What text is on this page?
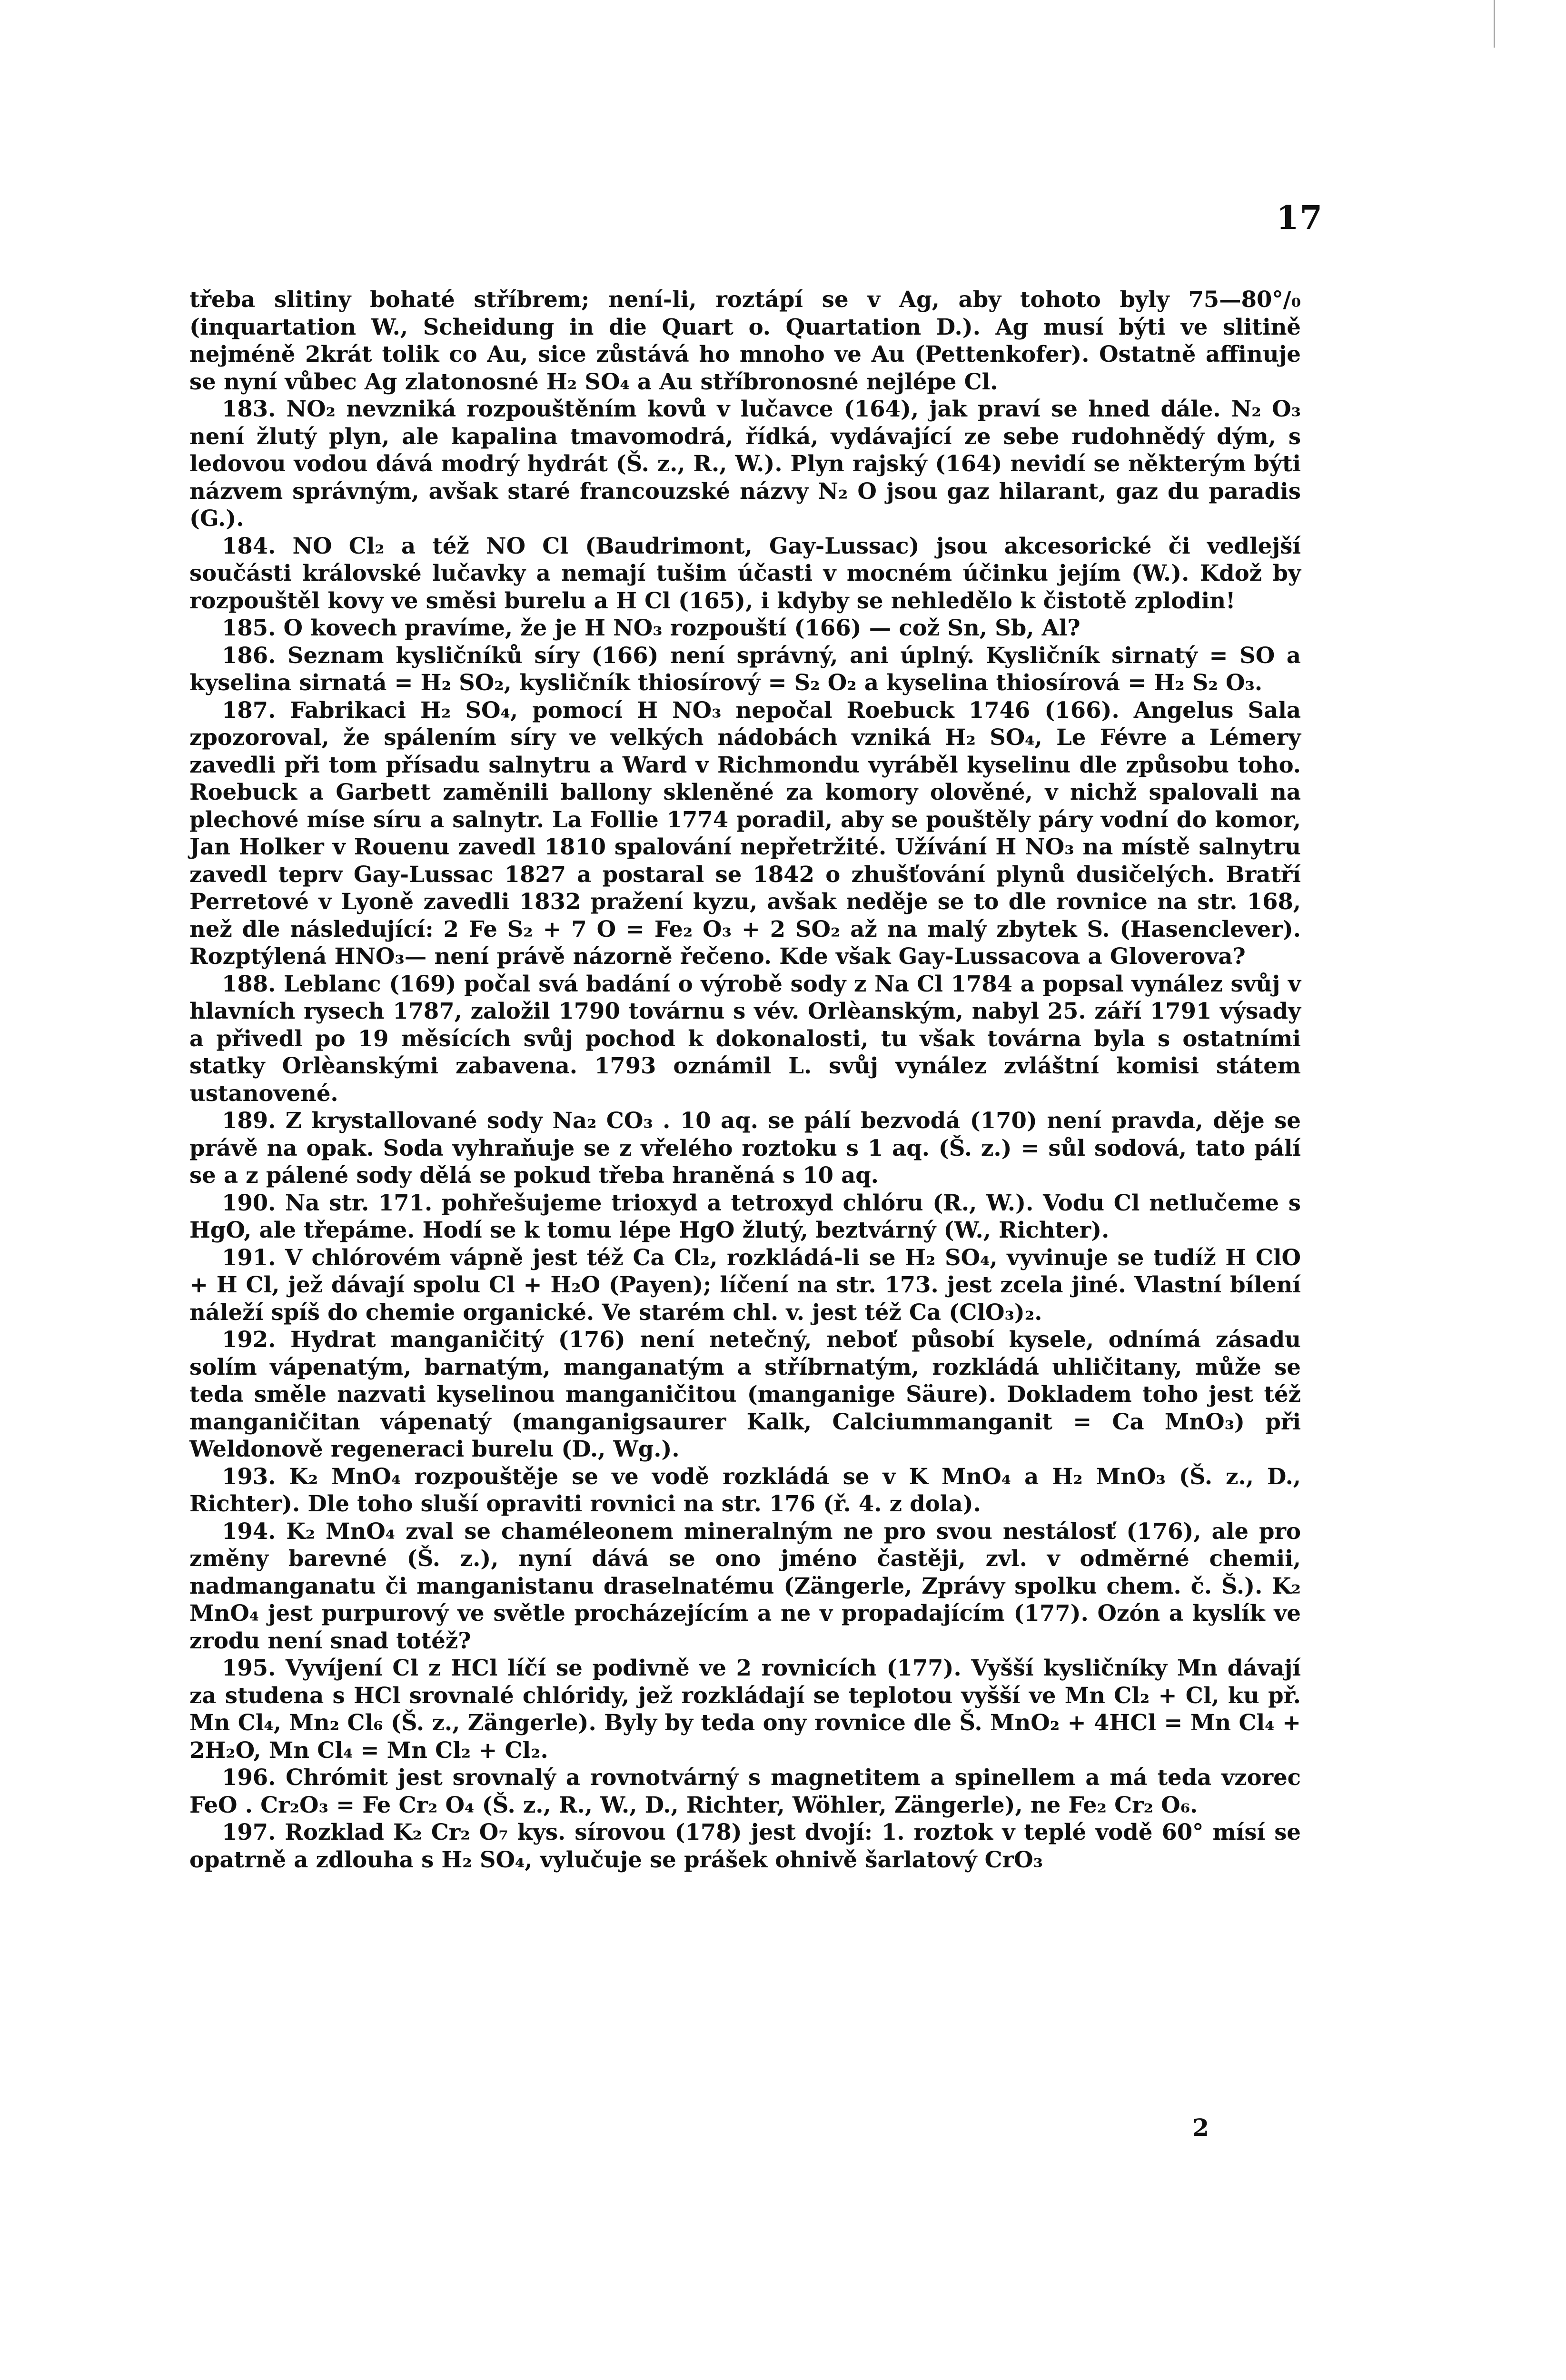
17

třeba slitiny bohaté stříbrem; není-li, roztápí se v Ag, aby tohoto byly 75—80°/₀ (inquartation W., Scheidung in die Quart o. Quartation D.). Ag musí býti ve slitině nejméně 2krát tolik co Au, sice zůstává ho mnoho ve Au (Pettenkofer). Ostatně affinuje se nyní vůbec Ag zlatonosné H₂ SO₄ a Au stříbronosné nejlépe Cl.

183. NO₂ nevzniká rozpouštěním kovů v lučavce (164), jak praví se hned dále. N₂ O₃ není žlutý plyn, ale kapalina tmavomodrá, řídká, vydávající ze sebe rudohnědý dým, s ledovou vodou dává modrý hydrát (Š. z., R., W.). Plyn rajský (164) nevidí se některým býti názvem správným, avšak staré francouzské názvy N₂ O jsou gaz hilarant, gaz du paradis (G.).

184. NO Cl₂ a též NO Cl (Baudrimont, Gay-Lussac) jsou akcesorické či vedlejší součásti královské lučavky a nemají tušim účasti v mocném účinku jejím (W.). Kdož by rozpouštěl kovy ve směsi burelu a H Cl (165), i kdyby se nehledělo k čistotě zplodin!

185. O kovech pravíme, že je H NO₃ rozpouští (166) — což Sn, Sb, Al?

186. Seznam kysličníků síry (166) není správný, ani úplný. Kysličník sirnatý = SO a kyselina sirnatá = H₂ SO₂, kysličník thiosírový = S₂ O₂ a kyselina thiosírová = H₂ S₂ O₃.

187. Fabrikaci H₂ SO₄, pomocí H NO₃ nepočal Roebuck 1746 (166). Angelus Sala zpozoroval, že spálením síry ve velkých nádobách vzniká H₂ SO₄, Le Févre a Lémery zavedli při tom přísadu salnytru a Ward v Richmondu vyráběl kyselinu dle způsobu toho. Roebuck a Garbett zaměnili ballony skleněné za komory olověné, v nichž spalovali na plechové míse síru a salnytr. La Follie 1774 poradil, aby se pouštěly páry vodní do komor, Jan Holker v Rouenu zavedl 1810 spalování nepřetržité. Užívání H NO₃ na místě salnytru zavedl teprv Gay-Lussac 1827 a postaral se 1842 o zhušťování plynů dusičelých. Bratří Perretové v Lyoně zavedli 1832 pražení kyzu, avšak neděje se to dle rovnice na str. 168, než dle následující: 2 Fe S₂ + 7 O = Fe₂ O₃ + 2 SO₂ až na malý zbytek S. (Hasenclever). Rozptýlená HNO₃— není právě názorně řečeno. Kde však Gay-Lussacova a Gloverova?

188. Leblanc (169) počal svá badání o výrobě sody z Na Cl 1784 a popsal vynález svůj v hlavních rysech 1787, založil 1790 továrnu s vév. Orlèanským, nabyl 25. září 1791 výsady a přivedl po 19 měsících svůj pochod k dokonalosti, tu však továrna byla s ostatními statky Orlèanskými zabavena. 1793 oznámil L. svůj vynález zvláštní komisi státem ustanovené.

189. Z krystallované sody Na₂ CO₃ . 10 aq. se pálí bezvodá (170) není pravda, děje se právě na opak. Soda vyhraňuje se z vřelého roztoku s 1 aq. (Š. z.) = sůl sodová, tato pálí se a z pálené sody dělá se pokud třeba hraněná s 10 aq.

190. Na str. 171. pohřešujeme trioxyd a tetroxyd chlóru (R., W.). Vodu Cl netlučeme s HgO, ale třepáme. Hodí se k tomu lépe HgO žlutý, beztvárný (W., Richter).

191. V chlórovém vápně jest též Ca Cl₂, rozkládá-li se H₂ SO₄, vyvinuje se tudíž H ClO + H Cl, jež dávají spolu Cl + H₂O (Payen); líčení na str. 173. jest zcela jiné. Vlastní bílení náleží spíš do chemie organické. Ve starém chl. v. jest též Ca (ClO₃)₂.

192. Hydrat manganičitý (176) není netečný, neboť působí kysele, odnímá zásadu solím vápenatým, barnatým, manganatým a stříbrnatým, rozkládá uhličitany, může se teda směle nazvati kyselinou manganičitou (manganige Säure). Dokladem toho jest též manganičitan vápenatý (manganigsaurer Kalk, Calciummanganit = Ca MnO₃) při Weldonově regeneraci burelu (D., Wg.).

193. K₂ MnO₄ rozpouštěje se ve vodě rozkládá se v K MnO₄ a H₂ MnO₃ (Š. z., D., Richter). Dle toho sluší opraviti rovnici na str. 176 (ř. 4. z dola).

194. K₂ MnO₄ zval se chaméleonem mineralným ne pro svou nestálosť (176), ale pro změny barevné (Š. z.), nyní dává se ono jméno častěji, zvl. v odměrné chemii, nadmanganatu či manganistanu draselnatému (Zängerle, Zprávy spolku chem. č. Š.). K₂ MnO₄ jest purpurový ve světle procházejícím a ne v propadajícím (177). Ozón a kyslík ve zrodu není snad totéž?

195. Vyvíjení Cl z HCl líčí se podivně ve 2 rovnicích (177). Vyšší kysličníky Mn dávají za studena s HCl srovnalé chlóridy, jež rozkládají se teplotou vyšší ve Mn Cl₂ + Cl, ku př. Mn Cl₄, Mn₂ Cl₆ (Š. z., Zängerle). Byly by teda ony rovnice dle Š. MnO₂ + 4HCl = Mn Cl₄ + 2H₂O, Mn Cl₄ = Mn Cl₂ + Cl₂.

196. Chrómit jest srovnalý a rovnotvárný s magnetitem a spinellem a má teda vzorec FeO . Cr₂O₃ = Fe Cr₂ O₄ (Š. z., R., W., D., Richter, Wöhler, Zängerle), ne Fe₂ Cr₂ O₆.

197. Rozklad K₂ Cr₂ O₇ kys. sírovou (178) jest dvojí: 1. roztok v teplé vodě 60° mísí se opatrně a zdlouha s H₂ SO₄, vylučuje se prášek ohnivě šarlatový CrO₃

2
